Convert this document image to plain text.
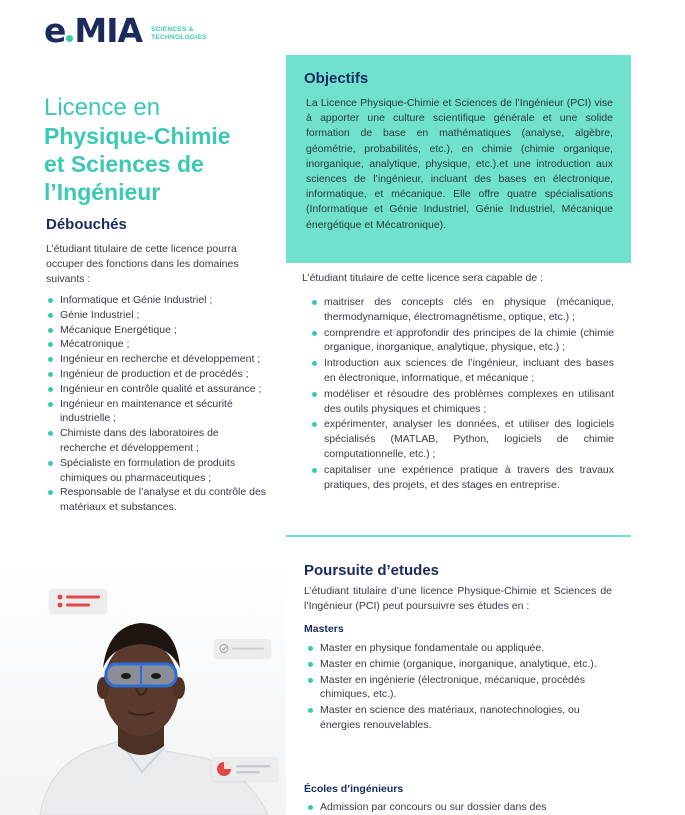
e MIA SCIENCES &
TECHNOLOGIES
Licence en
Physique-Chimie
et Sciences de
l’Ingénieur
Débouchés
L’étudiant titulaire de cette licence pourra occuper des fonctions dans les domaines suivants :
Informatique et Génie Industriel ;
Génie Industriel ;
Mécanique Energétique ;
Mécatronique ;
Ingénieur en recherche et développement ;
Ingénieur de production et de procédés ;
Ingénieur en contrôle qualité et assurance ;
Ingénieur en maintenance et sécurité industrielle ;
Chimiste dans des laboratoires de recherche et développement ;
Spécialiste en formulation de produits chimiques ou pharmaceutiques ;
Responsable de l’analyse et du contrôle des matériaux et substances.
Objectifs
La Licence Physique-Chimie et Sciences de l’Ingénieur (PCI) vise à apporter une culture scientifique générale et une solide formation de base en mathématiques (analyse, algèbre, géométrie, probabilités, etc.), en chimie (chimie organique, inorganique, analytique, physique, etc.).et une introduction aux sciences de l’ingénieur, incluant des bases en électronique, informatique, et mécanique. Elle offre quatre spécialisations (Informatique et Génie Industriel, Génie Industriel, Mécanique énergétique et Mécatronique).
L’étudiant titulaire de cette licence sera capable de :
maitriser des concepts clés en physique (mécanique, thermodynamique, électromagnétisme, optique, etc.) ;
comprendre et approfondir des principes de la chimie (chimie organique, inorganique, analytique, physique, etc.) ;
Introduction aux sciences de l’ingénieur, incluant des bases en électronique, informatique, et mécanique ;
modéliser et résoudre des problèmes complexes en utilisant des outils physiques et chimiques ;
expérimenter, analyser les données, et utiliser des logiciels spécialisés (MATLAB, Python, logiciels de chimie computationnelle, etc.) ;
capitaliser une expérience pratique à travers des travaux pratiques, des projets, et des stages en entreprise.
Poursuite d’etudes
L’étudiant titulaire d’une licence Physique-Chimie et Sciences de l’Ingénieur (PCI) peut poursuivre ses études en :
Masters
Master en physique fondamentale ou appliquée.
Master en chimie (organique, inorganique, analytique, etc.).
Master en ingénierie (électronique, mécanique, procédés chimiques, etc.).
Master en science des matériaux, nanotechnologies, ou énergies renouvelables.
Écoles d’ingénieurs
Admission par concours ou sur dossier dans des
